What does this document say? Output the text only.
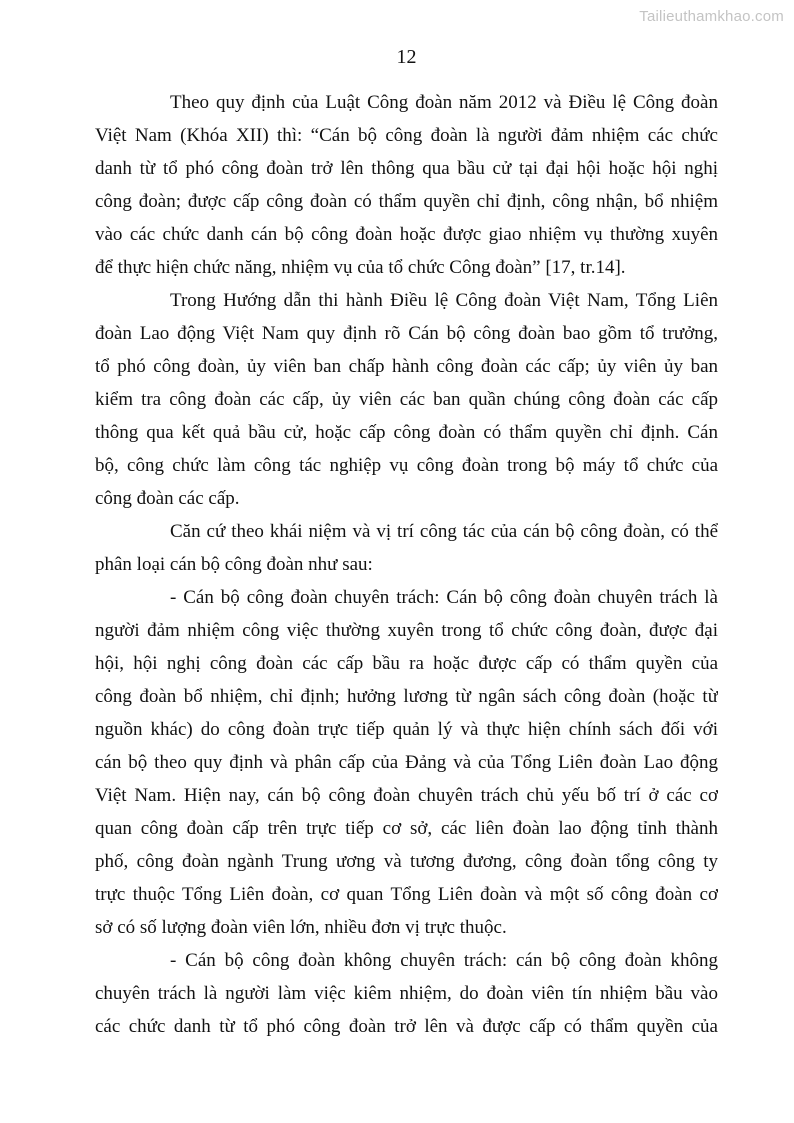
Tailieuthamkhao.com
12
Theo quy định của Luật Công đoàn năm 2012 và Điều lệ Công đoàn
Việt Nam (Khóa XII) thì: “Cán bộ công đoàn là người đảm nhiệm các chức
danh từ tổ phó công đoàn trở lên thông qua bầu cử tại đại hội hoặc hội nghị
công đoàn; được cấp công đoàn có thẩm quyền chỉ định, công nhận, bổ nhiệm
vào các chức danh cán bộ công đoàn hoặc được giao nhiệm vụ thường xuyên
để thực hiện chức năng, nhiệm vụ của tổ chức Công đoàn” [17, tr.14].
Trong Hướng dẫn thi hành Điều lệ Công đoàn Việt Nam, Tổng Liên
đoàn Lao động Việt Nam quy định rõ Cán bộ công đoàn bao gồm tổ trưởng,
tổ phó công đoàn, ủy viên ban chấp hành công đoàn các cấp; ủy viên ủy ban
kiểm tra công đoàn các cấp, ủy viên các ban quần chúng công đoàn các cấp
thông qua kết quả bầu cử, hoặc cấp công đoàn có thẩm quyền chỉ định. Cán
bộ, công chức làm công tác nghiệp vụ công đoàn trong bộ máy tổ chức của
công đoàn các cấp.
Căn cứ theo khái niệm và vị trí công tác của cán bộ công đoàn, có thể
phân loại cán bộ công đoàn như sau:
- Cán bộ công đoàn chuyên trách: Cán bộ công đoàn chuyên trách là
người đảm nhiệm công việc thường xuyên trong tổ chức công đoàn, được đại
hội, hội nghị công đoàn các cấp bầu ra hoặc được cấp có thẩm quyền của
công đoàn bổ nhiệm, chỉ định; hưởng lương từ ngân sách công đoàn (hoặc từ
nguồn khác) do công đoàn trực tiếp quản lý và thực hiện chính sách đối với
cán bộ theo quy định và phân cấp của Đảng và của Tổng Liên đoàn Lao động
Việt Nam. Hiện nay, cán bộ công đoàn chuyên trách chủ yếu bố trí ở các cơ
quan công đoàn cấp trên trực tiếp cơ sở, các liên đoàn lao động tỉnh thành
phố, công đoàn ngành Trung ương và tương đương, công đoàn tổng công ty
trực thuộc Tổng Liên đoàn, cơ quan Tổng Liên đoàn và một số công đoàn cơ
sở có số lượng đoàn viên lớn, nhiều đơn vị trực thuộc.
- Cán bộ công đoàn không chuyên trách: cán bộ công đoàn không
chuyên trách là người làm việc kiêm nhiệm, do đoàn viên tín nhiệm bầu vào
các chức danh từ tổ phó công đoàn trở lên và được cấp có thẩm quyền của
